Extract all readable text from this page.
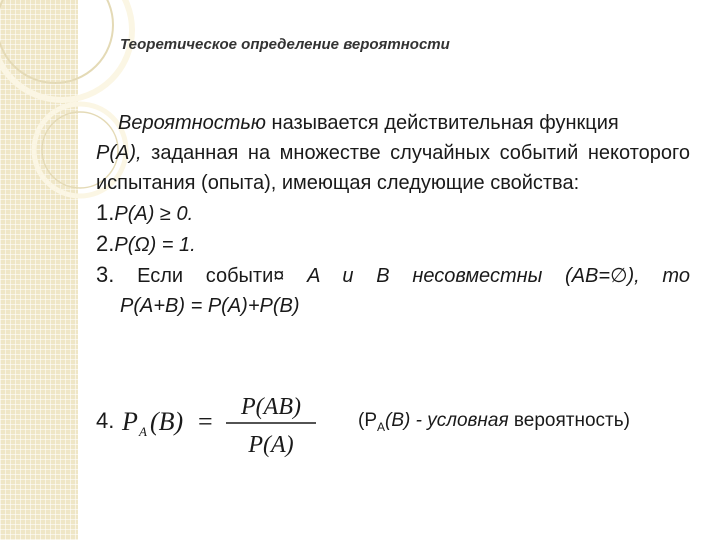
Теоретическое определение вероятности
Вероятностью называется действительная функция
P(A), заданная на множестве случайных событий некоторого испытания (опыта), имеющая следующие свойства:
1. P(A) ≥ 0.
2. P(Ω) = 1.
3. Если событи¤ A и B несовместны (AB=∅), то
P(A+B) = P(A)+P(B)
4. P A (B) = P(AB)
P(A)
($P_A(B)$ - условная вероятность)
